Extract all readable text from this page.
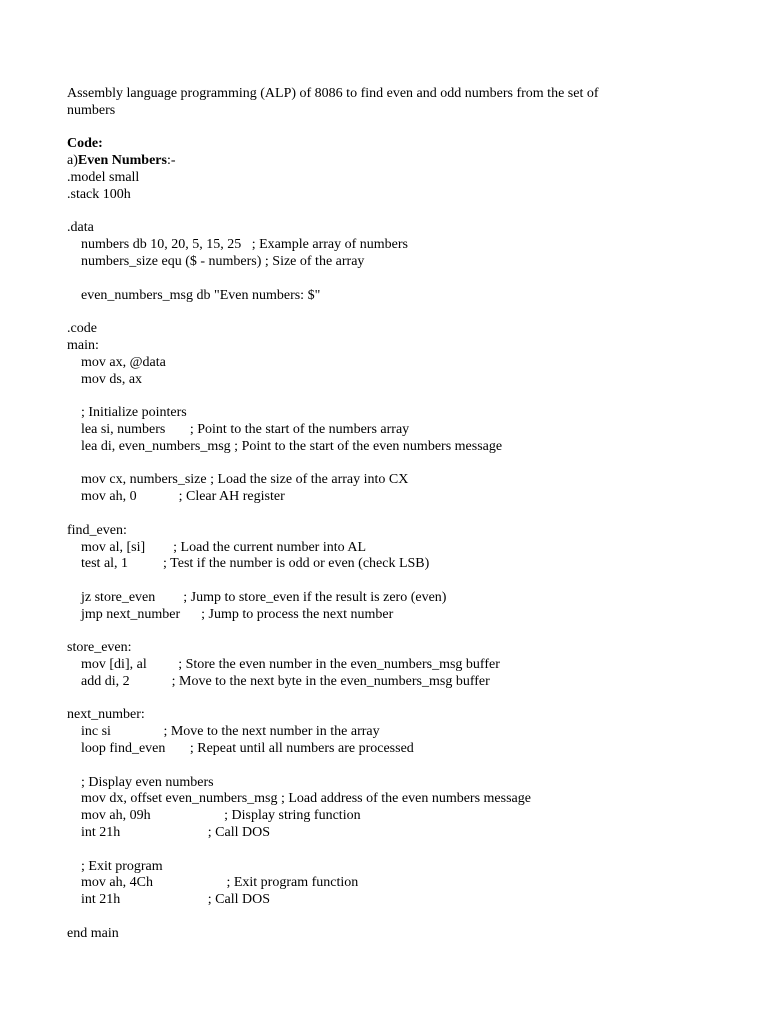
Assembly language programming (ALP) of 8086 to find even and odd numbers from the set of numbers

Code:
a)Even Numbers:-
.model small
.stack 100h
.data
numbers db 10, 20, 5, 15, 25   ; Example array of numbers
numbers_size equ ($ - numbers) ; Size of the array
even_numbers_msg db "Even numbers: $"
.code
main:
mov ax, @data
mov ds, ax
; Initialize pointers
lea si, numbers       ; Point to the start of the numbers array
lea di, even_numbers_msg ; Point to the start of the even numbers message
mov cx, numbers_size ; Load the size of the array into CX
mov ah, 0            ; Clear AH register
find_even:
mov al, [si]        ; Load the current number into AL
test al, 1          ; Test if the number is odd or even (check LSB)
jz store_even        ; Jump to store_even if the result is zero (even)
jmp next_number      ; Jump to process the next number
store_even:
mov [di], al         ; Store the even number in the even_numbers_msg buffer
add di, 2            ; Move to the next byte in the even_numbers_msg buffer
next_number:
inc si               ; Move to the next number in the array
loop find_even       ; Repeat until all numbers are processed
; Display even numbers
mov dx, offset even_numbers_msg ; Load address of the even numbers message
mov ah, 09h                     ; Display string function
int 21h                         ; Call DOS
; Exit program
mov ah, 4Ch                     ; Exit program function
int 21h                         ; Call DOS
end main
